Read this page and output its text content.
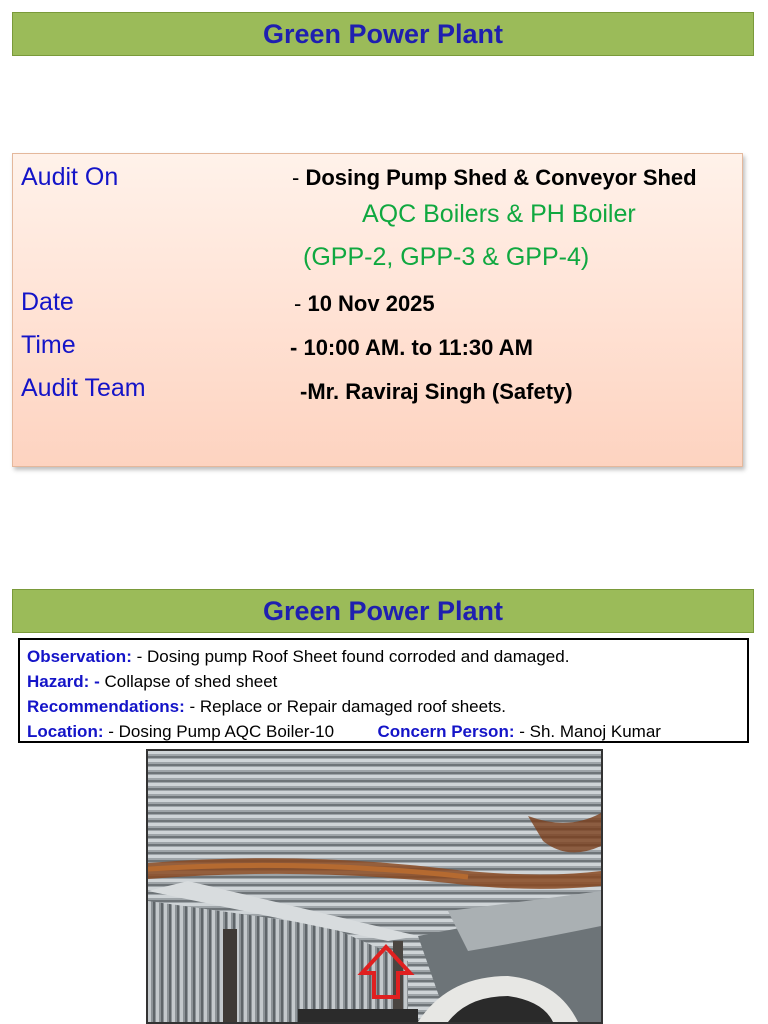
Green Power Plant
Audit On	- Dosing Pump Shed & Conveyor Shed
AQC Boilers & PH Boiler
(GPP-2, GPP-3 & GPP-4)
Date	- 10 Nov 2025
Time	- 10:00 AM. to 11:30 AM
Audit Team	-Mr. Raviraj Singh (Safety)
Green Power Plant
Observation: - Dosing pump Roof Sheet found corroded and damaged.
Hazard: - Collapse of shed sheet
Recommendations: - Replace or Repair damaged roof sheets.
Location: - Dosing Pump AQC Boiler-10	Concern Person: - Sh. Manoj Kumar
